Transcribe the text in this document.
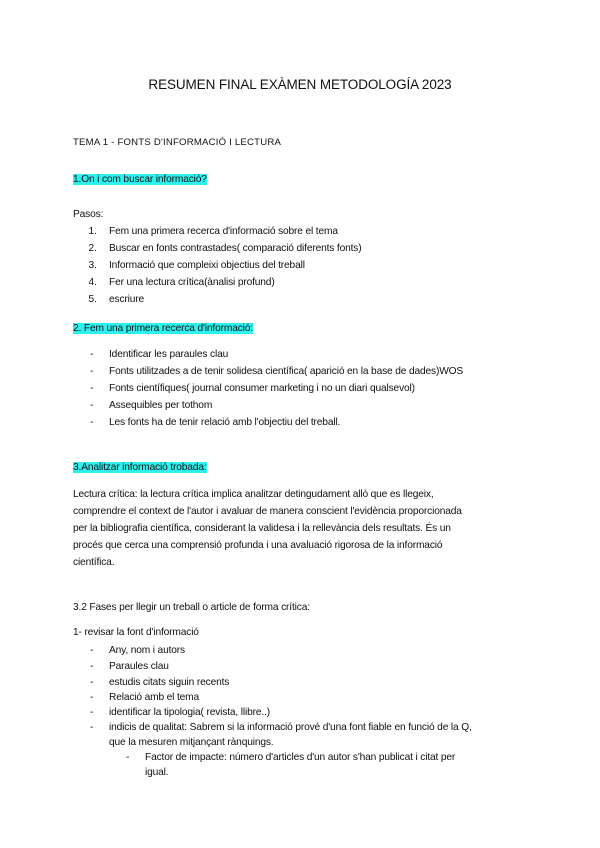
RESUMEN FINAL EXÀMEN METODOLOGÍA 2023
TEMA 1 - FONTS D'INFORMACIÓ I LECTURA
1.On i com buscar informació?
Pasos:
1. Fem una primera recerca d'informació sobre el tema
2. Buscar en fonts contrastades( comparació diferents fonts)
3. Informació que compleixi objectius del treball
4. Fer una lectura crítica(ànalisi profund)
5. escriure
2. Fem una primera recerca d'informació:
- Identificar les paraules clau
- Fonts utilitzades a de tenir solidesa científica( aparició en la base de dades)WOS
- Fonts científiques( journal consumer marketing i no un diari qualsevol)
- Assequibles per tothom
- Les fonts ha de tenir relació amb l'objectiu del treball.
3.Analitzar informació trobada:
Lectura crítica: la lectura crítica implica analitzar detingudament allò que es llegeix,
comprendre el context de l'autor i avaluar de manera conscient l'evidència proporcionada
per la bibliografia científica, considerant la validesa i la rellevància dels resultats. És un
procés que cerca una comprensió profunda i una avaluació rigorosa de la informació
científica.
3.2 Fases per llegir un treball o article de forma crítica:
1- revisar la font d'informació
- Any, nom i autors
- Paraules clau
- estudis citats siguin recents
- Relació amb el tema
- identificar la tipologia( revista, llibre..)
- indicis de qualitat: Sabrem si la informació prové d'una font fiable en funció de la Q,
que la mesuren mitjançant rànquings.
- Factor de impacte: número d'articles d'un autor s'han publicat i citat per
igual.
